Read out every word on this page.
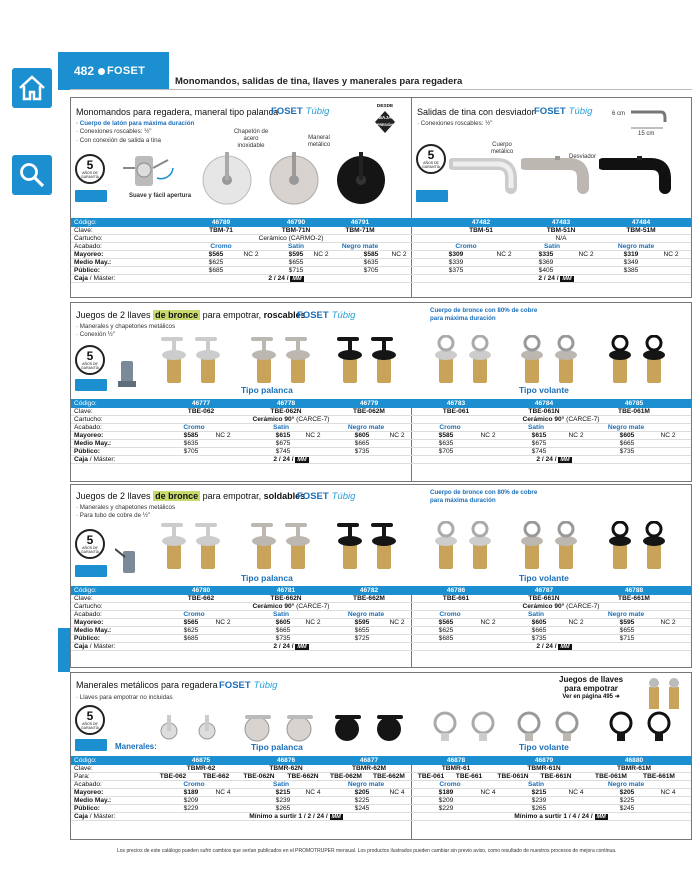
482 FOSET
Monomandos, salidas de tina, llaves y manerales para regadera
Monomandos para regadera, maneral tipo palanca
FOSET Túbig
· Cuerpo de latón para máxima duración
· Conexiones roscables: ½"
· Con conexión de salida a tina
5
AÑOS DE GARANTÍA
Suave y fácil apertura
Chapetón de acero inoxidable
Maneral metálico
DESDE
BAJA
PRESIÓN
Salidas de tina con desviador FOSET Túbig
· Conexiones roscables: ½"
5
AÑOS DE GARANTÍA
Cuerpo metálico
Desviador
6 cm
15 cm
Código:	46789	46790	46791	47482	47483	47484
Clave:	TBM-71	TBM-71N	TBM-71M	TBM-51	TBM-51N	TBM-51M
Cartucho:	Cerámico (CARMO-2)	N/A
Acabado:	Cromo	Satín	Negro mate	Cromo	Satín	Negro mate
Mayoreo:	$565	NC 2	$595	NC 2	$585	NC 2	$309	NC 2	$335	NC 2	$319	NC 2
Medio May.:	$625	$655	$635	$339	$369	$349
Público:	$685	$715	$705	$375	$405	$385
Caja / Máster:	2 / 24 / MM	2 / 24 / MM
Juegos de 2 llaves de bronce para empotrar, roscables
FOSET Túbig
· Manerales y chapetones metálicos
· Conexión ½"
Cuerpo de bronce con 80% de cobre para máxima duración
5
AÑOS DE GARANTÍA
Tipo palanca	Tipo volante
Código:	46777	46778	46779	46783	46784	46785
Clave:	TBE-062	TBE-062N	TBE-062M	TBE-061	TBE-061N	TBE-061M
Cartucho:	Cerámico 90° (CARCE-7)	Cerámico 90° (CARCE-7)
Acabado:	Cromo	Satín	Negro mate	Cromo	Satín	Negro mate
Mayoreo:	$585	NC 2	$615	NC 2	$605	NC 2	$585	NC 2	$615	NC 2	$605	NC 2
Medio May.:	$635	$675	$665	$635	$675	$665
Público:	$705	$745	$735	$705	$745	$735
Caja / Máster:	2 / 24 / MM	2 / 24 / MM
Juegos de 2 llaves de bronce para empotrar, soldables
FOSET Túbig
· Manerales y chapetones metálicos
· Para tubo de cobre de ½"
Cuerpo de bronce con 80% de cobre para máxima duración
5
AÑOS DE GARANTÍA
Tipo palanca	Tipo volante
Código:	46780	46781	46782	46786	46787	46788
Clave:	TBE-662	TBE-662N	TBE-662M	TBE-661	TBE-661N	TBE-661M
Cartucho:	Cerámico 90° (CARCE-7)	Cerámico 90° (CARCE-7)
Acabado:	Cromo	Satín	Negro mate	Cromo	Satín	Negro mate
Mayoreo:	$565	NC 2	$605	NC 2	$595	NC 2	$565	NC 2	$605	NC 2	$595	NC 2
Medio May.:	$625	$665	$655	$625	$665	$655
Público:	$685	$735	$725	$685	$735	$715
Caja / Máster:	2 / 24 / MM	2 / 24 / MM
Manerales metálicos para regadera FOSET Túbig
· Llaves para empotrar no incluidas
5
AÑOS DE GARANTÍA
Manerales:	Tipo palanca	Tipo volante
Juegos de llaves
para empotrar
Ver en página 495 ➜
Código:	46875	46876	46877	46878	46879	46880
Clave:	TBMR-62	TBMR-62N	TBMR-62M	TBMR-61	TBMR-61N	TBMR-61M
Para:	TBE-062	TBE-662	TBE-062N	TBE-662N	TBE-062M	TBE-662M	TBE-061	TBE-661	TBE-061N	TBE-661N	TBE-061M	TBE-661M
Acabado:	Cromo	Satín	Negro mate	Cromo	Satín	Negro mate
Mayoreo:	$189	NC 4	$215	NC 4	$205	NC 4	$189	NC 4	$215	NC 4	$205	NC 4
Medio May.:	$209	$239	$225	$209	$239	$225
Público:	$229	$265	$245	$229	$265	$245
Caja / Máster:	Mínimo a surtir 1 / 2 / 24 / MM	Mínimo a surtir 1 / 4 / 24 / MM
Los precios de este catálogo pueden sufrir cambios que serían publicados en el PROMOTRUPER mensual. Los productos ilustrados pueden cambiar sin previo aviso, como resultado de nuestros procesos de mejora continua.
